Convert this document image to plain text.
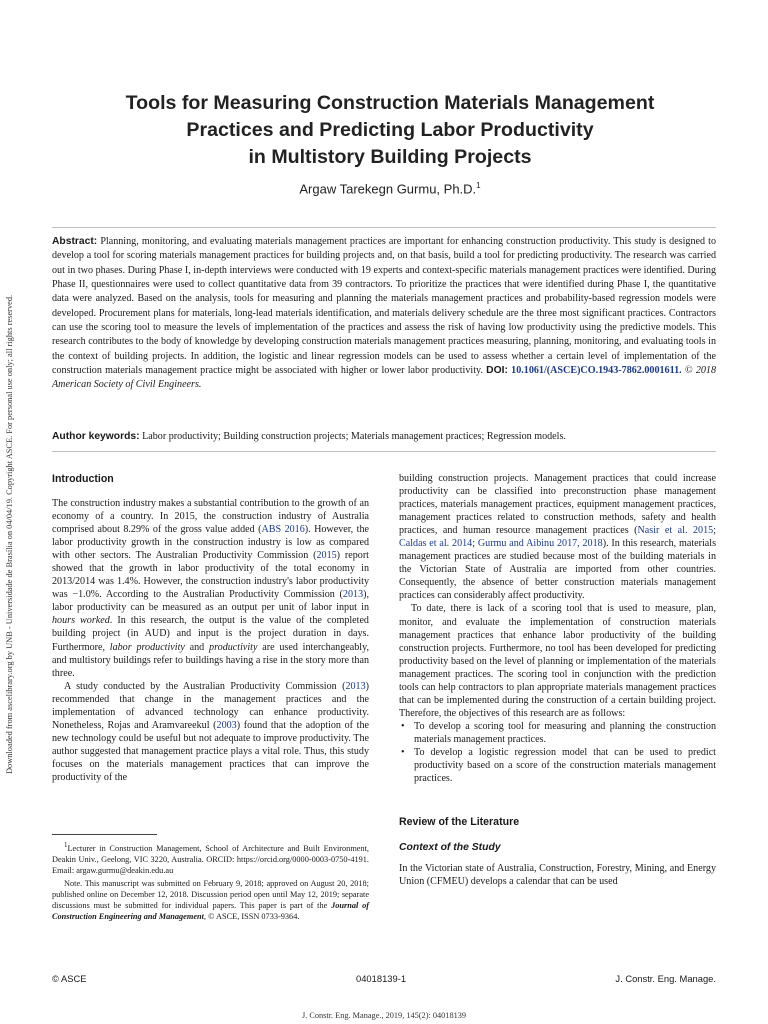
Downloaded from ascelibrary.org by UNB - Universidade de Brasília on 04/04/19. Copyright ASCE. For personal use only; all rights reserved.
Tools for Measuring Construction Materials Management
Practices and Predicting Labor Productivity
in Multistory Building Projects
Argaw Tarekegn Gurmu, Ph.D.$^1$

Abstract: Planning, monitoring, and evaluating materials management practices are important for enhancing construction productivity. This study is designed to develop a tool for scoring materials management practices for building projects and, on that basis, build a tool for predicting productivity. The research was carried out in two phases. During Phase I, in-depth interviews were conducted with 19 experts and context-specific materials management practices were identified. During Phase II, questionnaires were used to collect quantitative data from 39 contractors. To prioritize the practices that were identified during Phase I, the quantitative data were analyzed. Based on the analysis, tools for measuring and planning the materials management practices and probability-based regression models were developed. Procurement plans for materials, long-lead materials identification, and materials delivery schedule are the three most significant practices. Contractors can use the scoring tool to measure the levels of implementation of the practices and assess the risk of having low productivity using the predictive models. This research contributes to the body of knowledge by developing construction materials management practices measuring, planning, monitoring, and evaluating tools in the context of building projects. In addition, the logistic and linear regression models can be used to assess whether a certain level of implementation of the construction materials management practice might be associated with higher or lower labor productivity. DOI: 10.1061/(ASCE)CO.1943-7862.0001611. © 2018 American Society of Civil Engineers.

Author keywords: Labor productivity; Building construction projects; Materials management practices; Regression models.

Introduction

The construction industry makes a substantial contribution to the growth of an economy of a country. In 2015, the construction industry of Australia comprised about 8.29% of the gross value added (ABS 2016). However, the labor productivity growth in the construction industry is low as compared with other sectors. The Australian Productivity Commission (2015) report showed that the growth in labor productivity of the total economy in 2013/2014 was 1.4%. However, the construction industry's labor productivity was −1.0%. According to the Australian Productivity Commission (2013), labor productivity can be measured as an output per unit of labor input in hours worked. In this research, the output is the value of the completed building project (in AUD) and input is the project duration in days. Furthermore, labor productivity and productivity are used interchangeably, and multistory buildings refer to buildings having a rise in the story more than three.

A study conducted by the Australian Productivity Commission (2013) recommended that change in the management practices and the implementation of advanced technology can enhance productivity. Nonetheless, Rojas and Aramvareekul (2003) found that the adoption of the new technology could be useful but not adequate to improve productivity. The author suggested that management practice plays a vital role. Thus, this study focuses on the materials management practices that can improve the productivity of the

$^1$Lecturer in Construction Management, School of Architecture and Built Environment, Deakin Univ., Geelong, VIC 3220, Australia. ORCID: https://orcid.org/0000-0003-0750-4191. Email: argaw.gurmu@deakin.edu.au

Note. This manuscript was submitted on February 9, 2018; approved on August 20, 2018; published online on December 12, 2018. Discussion period open until May 12, 2019; separate discussions must be submitted for individual papers. This paper is part of the Journal of Construction Engineering and Management, © ASCE, ISSN 0733-9364.

building construction projects. Management practices that could increase productivity can be classified into preconstruction phase management practices, materials management practices, equipment management practices, management practices related to construction methods, safety and health practices, and human resource management practices (Nasir et al. 2015; Caldas et al. 2014; Gurmu and Aibinu 2017, 2018). In this research, materials management practices are studied because most of the building materials in the Victorian State of Australia are imported from other countries. Consequently, the absence of better construction materials management practices can considerably affect productivity.

To date, there is lack of a scoring tool that is used to measure, plan, monitor, and evaluate the implementation of construction materials management practices that enhance labor productivity of the building construction projects. Furthermore, no tool has been developed for predicting productivity based on the level of planning or implementation of the materials management practices. The scoring tool in conjunction with the prediction tools can help contractors to plan appropriate materials management practices that can be implemented during the construction of a certain building project. Therefore, the objectives of this research are as follows:

• To develop a scoring tool for measuring and planning the construction materials management practices.
• To develop a logistic regression model that can be used to predict productivity based on a score of the construction materials management practices.
Review of the Literature
Context of the Study

In the Victorian state of Australia, Construction, Forestry, Mining, and Energy Union (CFMEU) develops a calendar that can be used

© ASCE	04018139-1	J. Constr. Eng. Manage.
J. Constr. Eng. Manage., 2019, 145(2): 04018139
